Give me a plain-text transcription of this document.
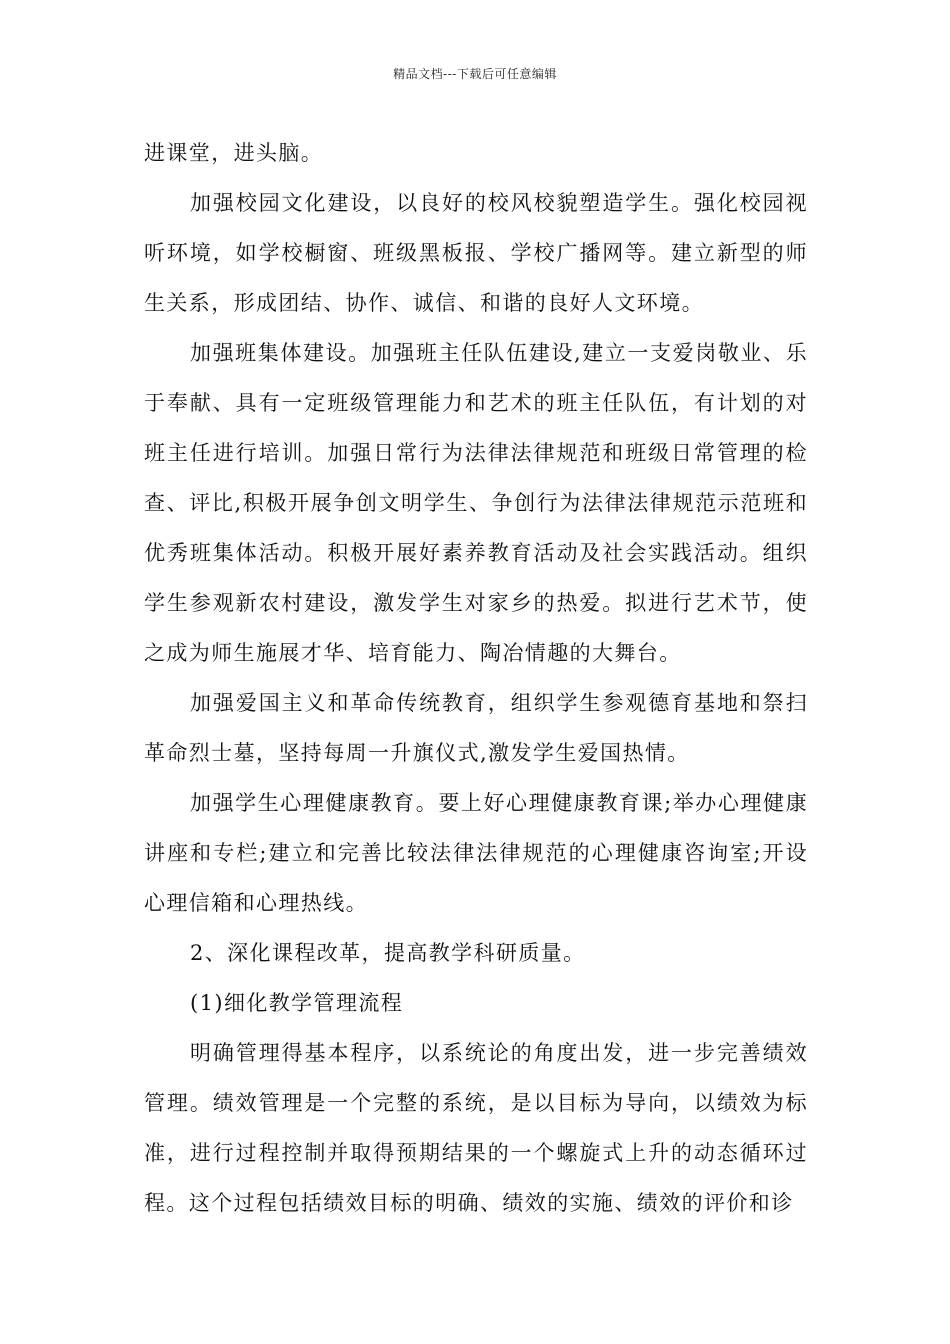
精品文档---下载后可任意编辑

进课堂，进头脑。

加强校园文化建设，以良好的校风校貌塑造学生。强化校园视听环境，如学校橱窗、班级黑板报、学校广播网等。建立新型的师生关系，形成团结、协作、诚信、和谐的良好人文环境。

加强班集体建设。加强班主任队伍建设,建立一支爱岗敬业、乐于奉献、具有一定班级管理能力和艺术的班主任队伍，有计划的对班主任进行培训。加强日常行为法律法律规范和班级日常管理的检查、评比,积极开展争创文明学生、争创行为法律法律规范示范班和优秀班集体活动。积极开展好素养教育活动及社会实践活动。组织学生参观新农村建设，激发学生对家乡的热爱。拟进行艺术节，使之成为师生施展才华、培育能力、陶冶情趣的大舞台。

加强爱国主义和革命传统教育，组织学生参观德育基地和祭扫革命烈士墓，坚持每周一升旗仪式,激发学生爱国热情。

加强学生心理健康教育。要上好心理健康教育课;举办心理健康讲座和专栏;建立和完善比较法律法律规范的心理健康咨询室;开设心理信箱和心理热线。

2、深化课程改革，提高教学科研质量。

(1)细化教学管理流程

明确管理得基本程序，以系统论的角度出发，进一步完善绩效管理。绩效管理是一个完整的系统，是以目标为导向，以绩效为标准，进行过程控制并取得预期结果的一个螺旋式上升的动态循环过程。这个过程包括绩效目标的明确、绩效的实施、绩效的评价和诊
